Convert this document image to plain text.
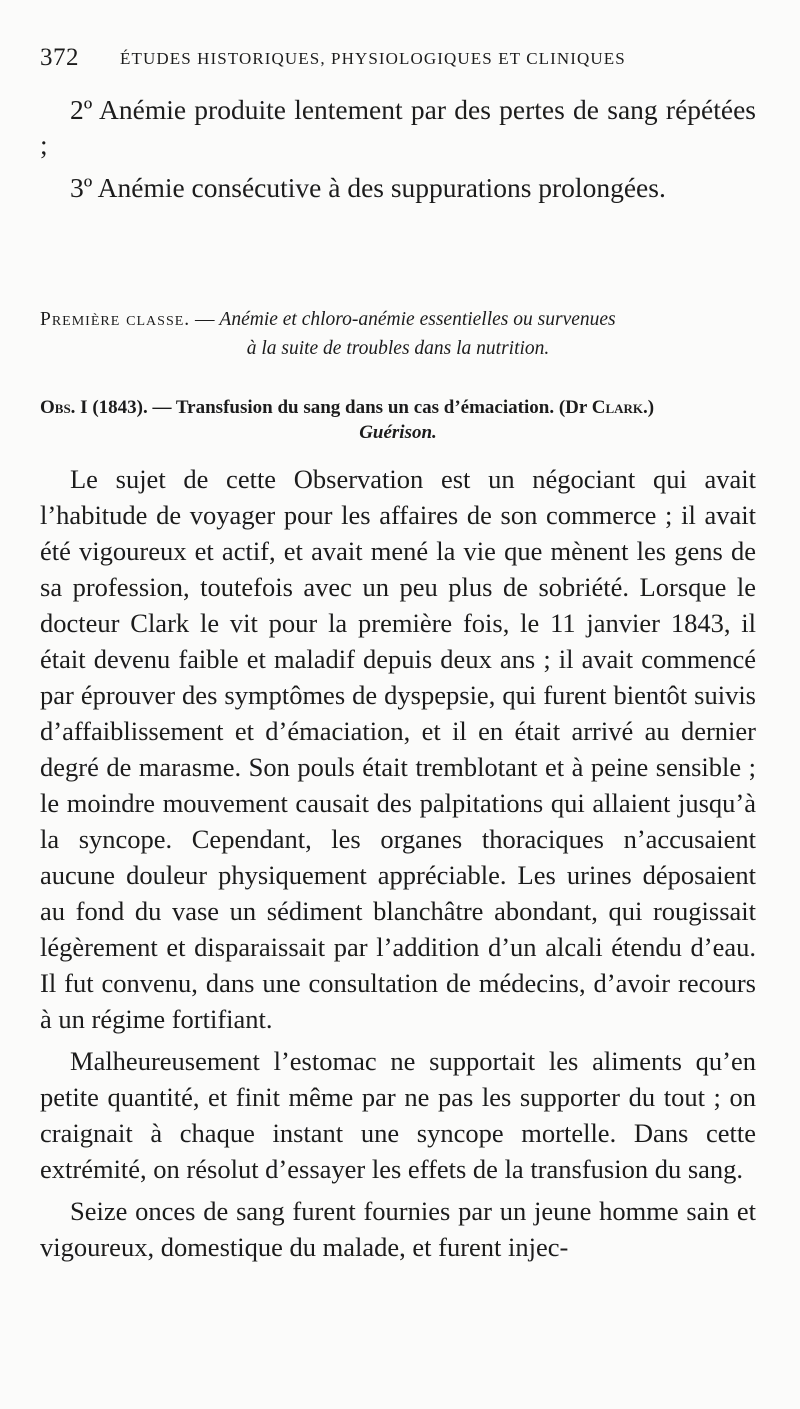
372 ÉTUDES HISTORIQUES, PHYSIOLOGIQUES ET CLINIQUES

2º Anémie produite lentement par des pertes de sang répétées ;

3º Anémie consécutive à des suppurations prolongées.

Première classe. — Anémie et chloro-anémie essentielles ou survenues
à la suite de troubles dans la nutrition.
Obs. I (1843). — Transfusion du sang dans un cas d’émaciation. (Dr Clark.)
Guérison.

Le sujet de cette Observation est un négociant qui avait l’habitude de voyager pour les affaires de son commerce ; il avait été vigoureux et actif, et avait mené la vie que mènent les gens de sa profession, toutefois avec un peu plus de sobriété. Lorsque le docteur Clark le vit pour la première fois, le 11 janvier 1843, il était devenu faible et maladif depuis deux ans ; il avait commencé par éprouver des symptômes de dyspepsie, qui furent bientôt suivis d’affaiblissement et d’émaciation, et il en était arrivé au dernier degré de marasme. Son pouls était tremblotant et à peine sensible ; le moindre mouvement causait des palpitations qui allaient jusqu’à la syncope. Cependant, les organes thoraciques n’accusaient aucune douleur physiquement appréciable. Les urines déposaient au fond du vase un sédiment blanchâtre abondant, qui rougissait légèrement et disparaissait par l’addition d’un alcali étendu d’eau. Il fut convenu, dans une consultation de médecins, d’avoir recours à un régime fortifiant.

Malheureusement l’estomac ne supportait les aliments qu’en petite quantité, et finit même par ne pas les supporter du tout ; on craignait à chaque instant une syncope mortelle. Dans cette extrémité, on résolut d’essayer les effets de la transfusion du sang.

Seize onces de sang furent fournies par un jeune homme sain et vigoureux, domestique du malade, et furent injec-
